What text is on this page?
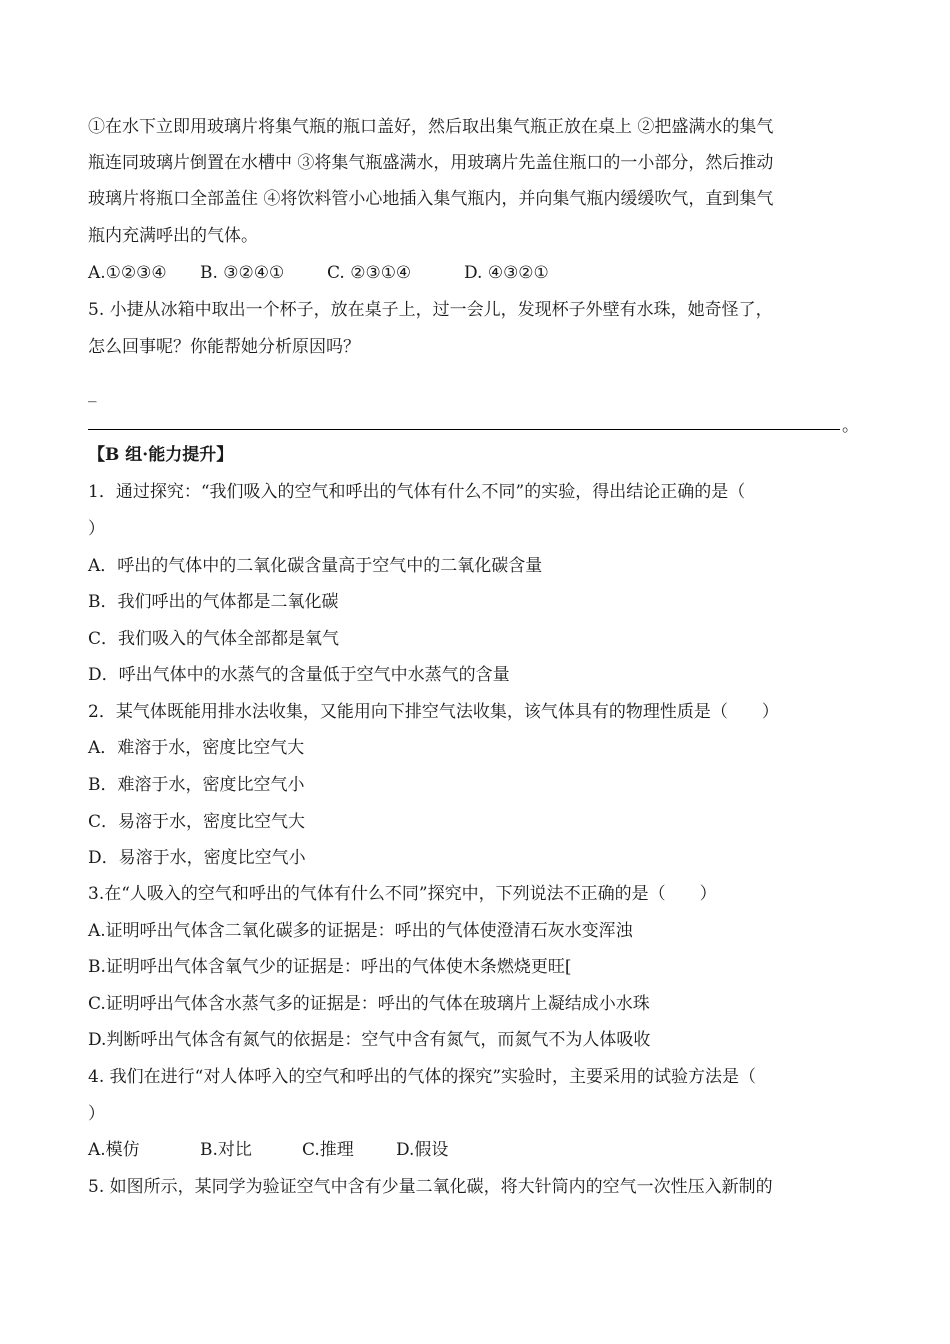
①在水下立即用玻璃片将集气瓶的瓶口盖好，然后取出集气瓶正放在桌上 ②把盛满水的集气
瓶连同玻璃片倒置在水槽中 ③将集气瓶盛满水，用玻璃片先盖住瓶口的一小部分，然后推动
玻璃片将瓶口全部盖住 ④将饮料管小心地插入集气瓶内，并向集气瓶内缓缓吹气，直到集气
瓶内充满呼出的气体。
A.①②③④ B. ③②④①	C. ②③①④	D. ④③②①
5. 小捷从冰箱中取出一个杯子，放在桌子上，过一会儿，发现杯子外壁有水珠，她奇怪了，
怎么回事呢？你能帮她分析原因吗？
_
。
【B 组·能力提升】
1．通过探究：“我们吸入的空气和呼出的气体有什么不同”的实验，得出结论正确的是（
）
A．呼出的气体中的二氧化碳含量高于空气中的二氧化碳含量
B．我们呼出的气体都是二氧化碳
C．我们吸入的气体全部都是氧气
D．呼出气体中的水蒸气的含量低于空气中水蒸气的含量
2．某气体既能用排水法收集，又能用向下排空气法收集，该气体具有的物理性质是（　　）
A．难溶于水，密度比空气大
B．难溶于水，密度比空气小
C．易溶于水，密度比空气大
D．易溶于水，密度比空气小
3.在“人吸入的空气和呼出的气体有什么不同”探究中，下列说法不正确的是（　　）
A.证明呼出气体含二氧化碳多的证据是：呼出的气体使澄清石灰水变浑浊
B.证明呼出气体含氧气少的证据是：呼出的气体使木条燃烧更旺[
C.证明呼出气体含水蒸气多的证据是：呼出的气体在玻璃片上凝结成小水珠
D.判断呼出气体含有氮气的依据是：空气中含有氮气，而氮气不为人体吸收
4. 我们在进行“对人体呼入的空气和呼出的气体的探究”实验时，主要采用的试验方法是（
）
A.模仿	B.对比	C.推理 D.假设
5. 如图所示，某同学为验证空气中含有少量二氧化碳，将大针筒内的空气一次性压入新制的
